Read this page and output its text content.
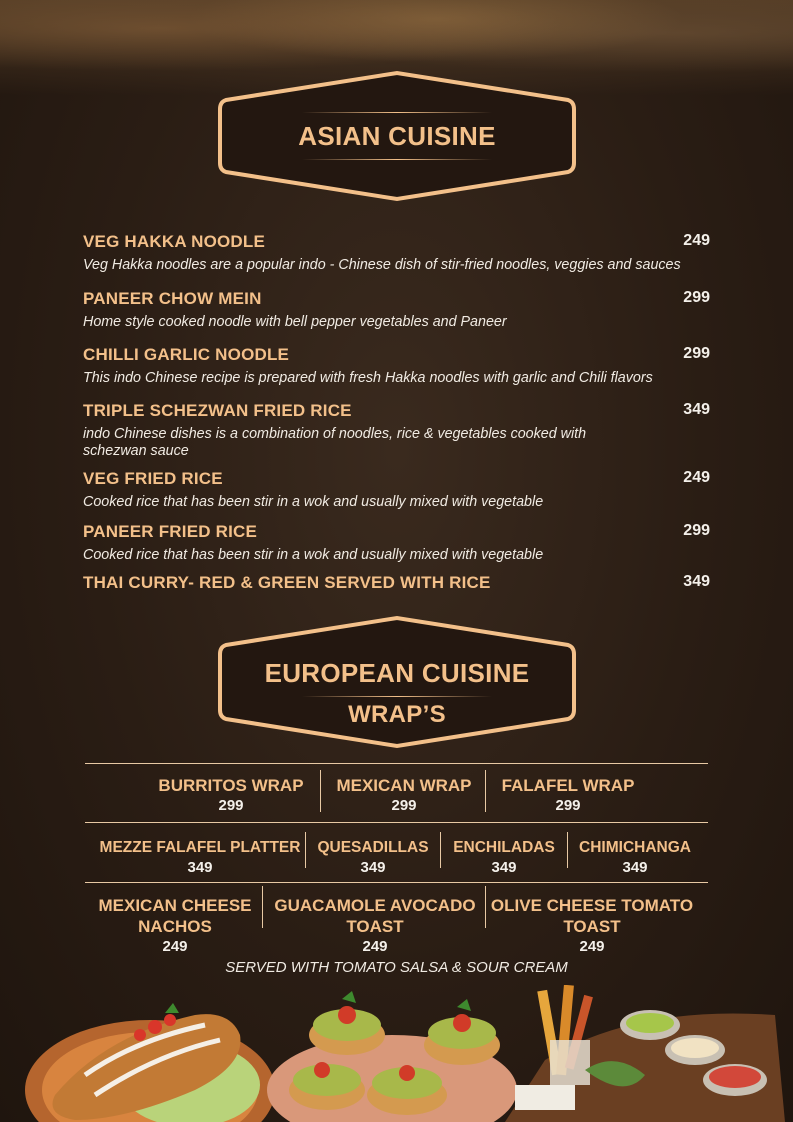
ASIAN CUISINE
VEG HAKKA NOODLE	249
Veg Hakka noodles are a popular indo - Chinese dish of stir-fried noodles, veggies and sauces
PANEER CHOW MEIN	299
Home style cooked noodle with bell pepper vegetables and Paneer
CHILLI GARLIC NOODLE	299
This indo Chinese recipe is prepared with fresh Hakka noodles with garlic and Chili flavors
TRIPLE SCHEZWAN FRIED RICE	349
indo Chinese dishes is a combination of noodles, rice & vegetables cooked with schezwan sauce
VEG FRIED RICE	249
Cooked rice that has been stir in a wok and usually mixed with vegetable
PANEER FRIED RICE	299
Cooked rice that has been stir in a wok and usually mixed with vegetable
THAI CURRY- RED & GREEN SERVED WITH RICE	349
EUROPEAN CUISINE
WRAP’S
BURRITOS WRAP
299
MEXICAN WRAP
299
FALAFEL WRAP
299
MEZZE FALAFEL PLATTER
349
QUESADILLAS
349
ENCHILADAS
349
CHIMICHANGA
349
MEXICAN CHEESE
NACHOS
249
GUACAMOLE AVOCADO
TOAST
249
OLIVE CHEESE TOMATO
TOAST
249
SERVED WITH TOMATO SALSA & SOUR CREAM
